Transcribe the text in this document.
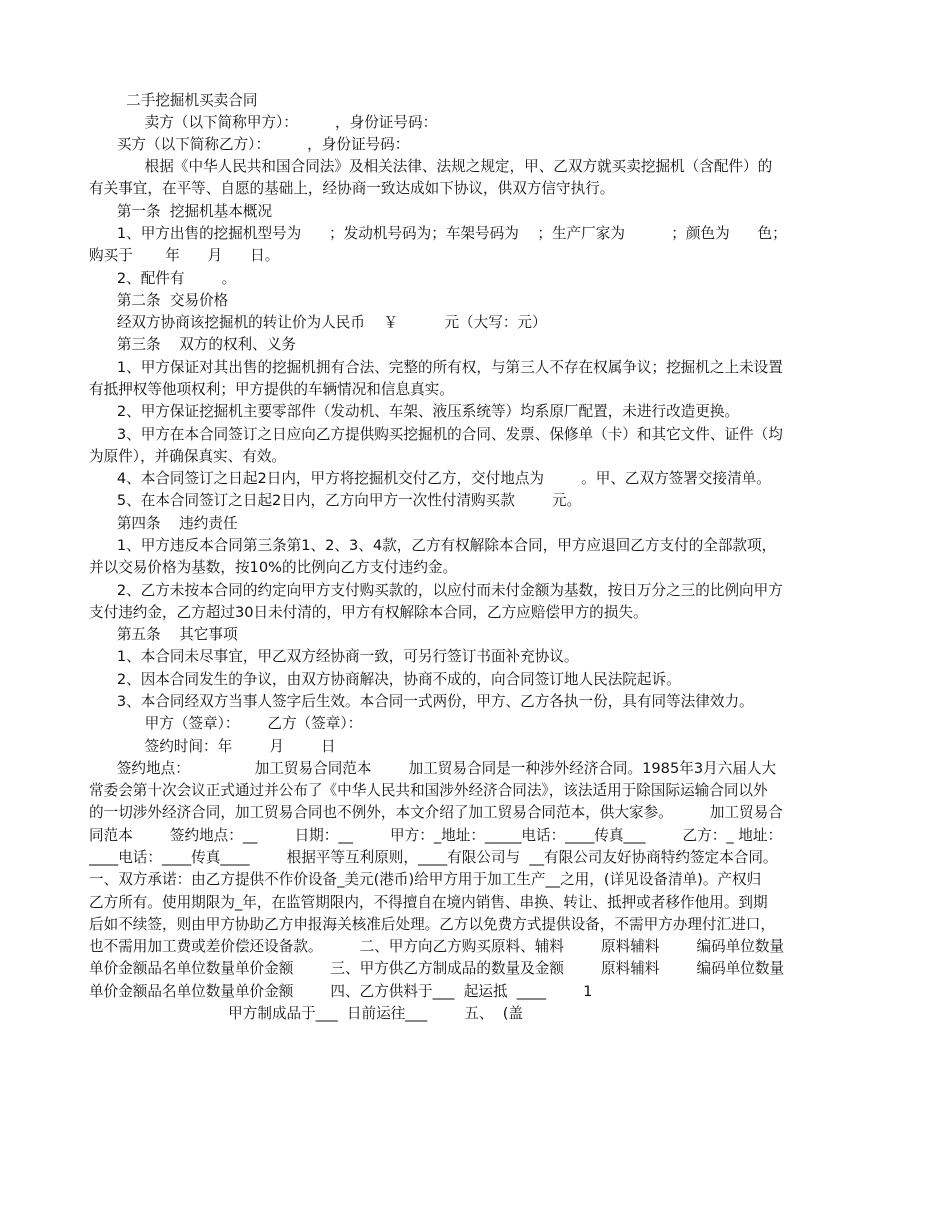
二手挖掘机买卖合同
卖方（以下简称甲方）：        ，身份证号码：
买方（以下简称乙方）：        ，身份证号码：
根据《中华人民共和国合同法》及相关法律、法规之规定，甲、乙双方就买卖挖掘机（含配件）的
有关事宜，在平等、自愿的基础上，经协商一致达成如下协议，供双方信守执行。
第一条  挖掘机基本概况
1、甲方出售的挖掘机型号为      ；发动机号码为；车架号码为    ；生产厂家为          ；颜色为      色；
购买于       年      月      日。
2、配件有        。
第二条  交易价格
经双方协商该挖掘机的转让价为人民币    ￥          元（大写：元）
第三条    双方的权利、义务
1、甲方保证对其出售的挖掘机拥有合法、完整的所有权，与第三人不存在权属争议；挖掘机之上未设置
有抵押权等他项权利；甲方提供的车辆情况和信息真实。
2、甲方保证挖掘机主要零部件（发动机、车架、液压系统等）均系原厂配置，未进行改造更换。
3、甲方在本合同签订之日应向乙方提供购买挖掘机的合同、发票、保修单（卡）和其它文件、证件（均
为原件），并确保真实、有效。
4、本合同签订之日起2日内，甲方将挖掘机交付乙方，交付地点为        。甲、乙双方签署交接清单。
5、在本合同签订之日起2日内，乙方向甲方一次性付清购买款        元。
第四条    违约责任
1、甲方违反本合同第三条第1、2、3、4款，乙方有权解除本合同，甲方应退回乙方支付的全部款项，
并以交易价格为基数，按10%的比例向乙方支付违约金。
2、乙方未按本合同的约定向甲方支付购买款的，以应付而未付金额为基数，按日万分之三的比例向甲方
支付违约金，乙方超过30日未付清的，甲方有权解除本合同，乙方应赔偿甲方的损失。
第五条    其它事项
1、本合同未尽事宜，甲乙双方经协商一致，可另行签订书面补充协议。
2、因本合同发生的争议，由双方协商解决，协商不成的，向合同签订地人民法院起诉。
3、本合同经双方当事人签字后生效。本合同一式两份，甲方、乙方各执一份，具有同等法律效力。
甲方（签章）：      乙方（签章）：
签约时间：年        月        日
签约地点：              加工贸易合同范本        加工贸易合同是一种涉外经济合同。1985年3月六届人大
常委会第十次会议正式通过并公布了《中华人民共和国涉外经济合同法》，该法适用于除国际运输合同以外
的一切涉外经济合同，加工贸易合同也不例外，本文介绍了加工贸易合同范本，供大家参。        加工贸易合
同范本        签约地点：__        日期：__        甲方：_地址：_____电话：____传真___        乙方：_ 地址：
____电话：____传真____        根据平等互利原则，____有限公司与  __有限公司友好协商特约签定本合同。
一、双方承诺：由乙方提供不作价设备_美元(港币)给甲方用于加工生产__之用，(详见设备清单)。产权归
乙方所有。使用期限为_年，在监管期限内，不得擅自在境内销售、串换、转让、抵押或者移作他用。到期
后如不续签，则由甲方协助乙方申报海关核准后处理。乙方以免费方式提供设备，不需甲方办理付汇进口，
也不需用加工费或差价偿还设备款。        二、甲方向乙方购买原料、辅料        原料辅料        编码单位数量
单价金额品名单位数量单价金额        三、甲方供乙方制成品的数量及金额        原料辅料        编码单位数量
单价金额品名单位数量单价金额        四、乙方供料于___  起运抵  ____        1
甲方制成品于___  日前运往___        五、  (盖
